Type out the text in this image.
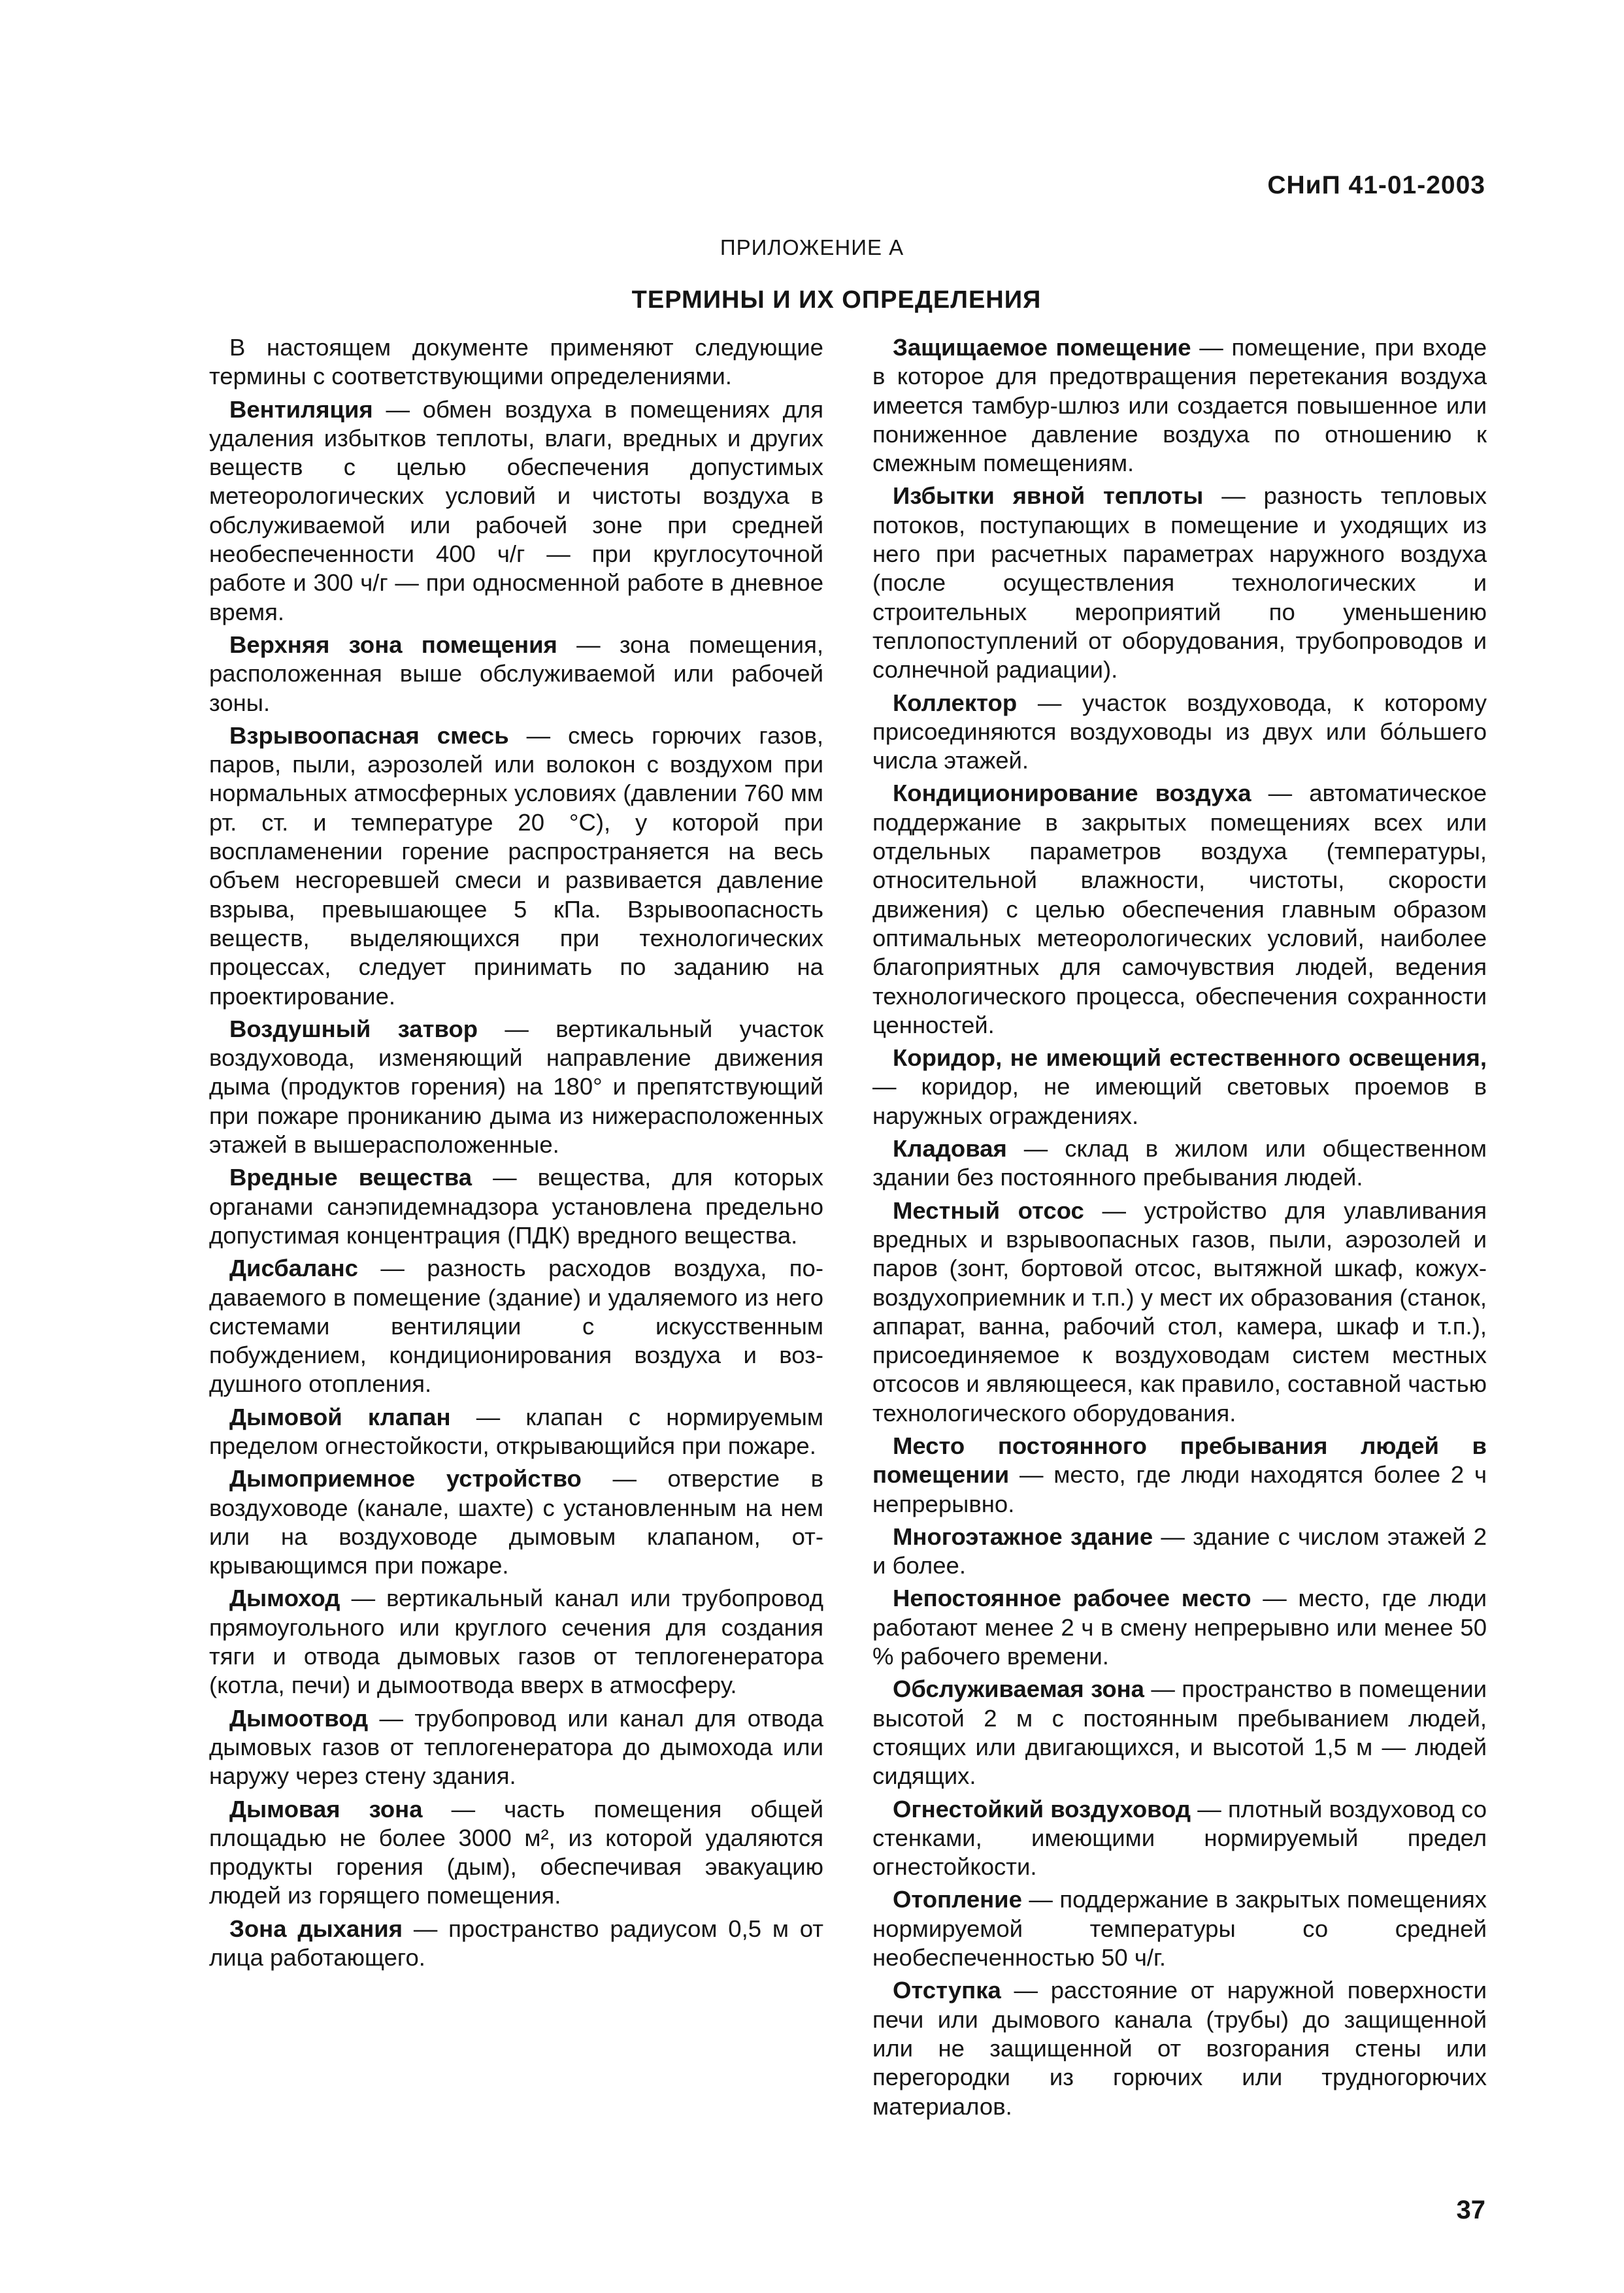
СНиП 41-01-2003
ПРИЛОЖЕНИЕ А
ТЕРМИНЫ И ИХ ОПРЕДЕЛЕНИЯ

В настоящем документе применяют следующие термины с соответствующими определениями.

Вентиляция — обмен воздуха в помещениях для удаления избытков теплоты, влаги, вредных и других веществ с целью обеспечения допустимых метеорологических условий и чистоты воздуха в обслуживаемой или рабочей зоне при средней необеспеченности 400 ч/г — при круглосуточной работе и 300 ч/г — при односменной работе в дневное время.

Верхняя зона помещения — зона помещения, расположенная выше обслуживаемой или рабочей зоны.

Взрывоопасная смесь — смесь горючих газов, паров, пыли, аэрозолей или волокон с воздухом при нормальных атмосферных условиях (давлении 760 мм рт. ст. и температуре 20 °С), у которой при воспламенении горение распространяется на весь объем несгоревшей смеси и развивается давление взрыва, превышающее 5 кПа. Взрывоопасность веществ, выделяющихся при технологических процессах, следует принимать по заданию на проектирование.

Воздушный затвор — вертикальный участок воздуховода, изменяющий направление движения дыма (продуктов горения) на 180° и препятствующий при пожаре прониканию дыма из нижерасположенных этажей в вышерасположенные.

Вредные вещества — вещества, для которых органами санэпидемнадзора установлена предельно допустимая концентрация (ПДК) вредного вещества.

Дисбаланс — разность расходов воздуха, подаваемого в помещение (здание) и удаляемого из него системами вентиляции с искусственным побуждением, кондиционирования воздуха и воздушного отопления.

Дымовой клапан — клапан с нормируемым пределом огнестойкости, открывающийся при пожаре.

Дымоприемное устройство — отверстие в воздуховоде (канале, шахте) с установленным на нем или на воздуховоде дымовым клапаном, открывающимся при пожаре.

Дымоход — вертикальный канал или трубопровод прямоугольного или круглого сечения для создания тяги и отвода дымовых газов от теплогенератора (котла, печи) и дымоотвода вверх в атмосферу.

Дымоотвод — трубопровод или канал для отвода дымовых газов от теплогенератора до дымохода или наружу через стену здания.

Дымовая зона — часть помещения общей площадью не более 3000 м², из которой удаляются продукты горения (дым), обеспечивая эвакуацию людей из горящего помещения.

Зона дыхания — пространство радиусом 0,5 м от лица работающего.

Защищаемое помещение — помещение, при входе в которое для предотвращения перетекания воздуха имеется тамбур-шлюз или создается повышенное или пониженное давление воздуха по отношению к смежным помещениям.

Избытки явной теплоты — разность тепловых потоков, поступающих в помещение и уходящих из него при расчетных параметрах наружного воздуха (после осуществления технологических и строительных мероприятий по уменьшению теплопоступлений от оборудования, трубопроводов и солнечной радиации).

Коллектор — участок воздуховода, к которому присоединяются воздуховоды из двух или бо́льшего числа этажей.

Кондиционирование воздуха — автоматическое поддержание в закрытых помещениях всех или отдельных параметров воздуха (температуры, относительной влажности, чистоты, скорости движения) с целью обеспечения главным образом оптимальных метеорологических условий, наиболее благоприятных для самочувствия людей, ведения технологического процесса, обеспечения сохранности ценностей.

Коридор, не имеющий естественного освещения, — коридор, не имеющий световых проемов в наружных ограждениях.

Кладовая — склад в жилом или общественном здании без постоянного пребывания людей.

Местный отсос — устройство для улавливания вредных и взрывоопасных газов, пыли, аэрозолей и паров (зонт, бортовой отсос, вытяжной шкаф, кожух-воздухоприемник и т.п.) у мест их образования (станок, аппарат, ванна, рабочий стол, камера, шкаф и т.п.), присоединяемое к воздуховодам систем местных отсосов и являющееся, как правило, составной частью технологического оборудования.

Место постоянного пребывания людей в помещении — место, где люди находятся более 2 ч непрерывно.

Многоэтажное здание — здание с числом этажей 2 и более.

Непостоянное рабочее место — место, где люди работают менее 2 ч в смену непрерывно или менее 50 % рабочего времени.

Обслуживаемая зона — пространство в помещении высотой 2 м с постоянным пребыванием людей, стоящих или двигающихся, и высотой 1,5 м — людей сидящих.

Огнестойкий воздуховод — плотный воздуховод со стенками, имеющими нормируемый предел огнестойкости.

Отопление — поддержание в закрытых помещениях нормируемой температуры со средней необеспеченностью 50 ч/г.

Отступка — расстояние от наружной поверхности печи или дымового канала (трубы) до защищенной или не защищенной от возгорания стены или перегородки из горючих или трудногорючих материалов.

37
